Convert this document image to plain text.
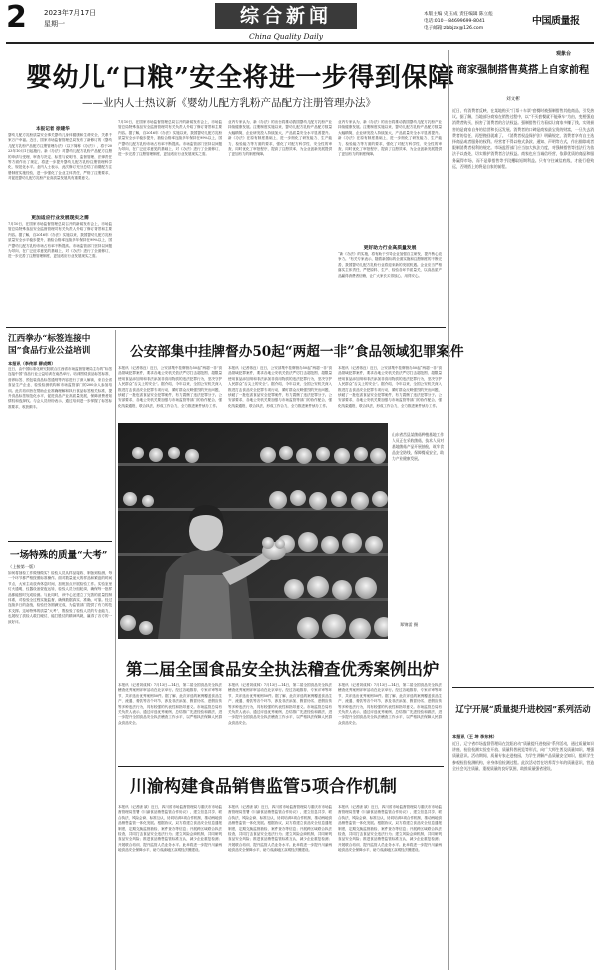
2 2023年7月17日
星期一	综合新闻
China Quality Daily
本版主编 史玉成 责任编辑 陈立彪
电话:010－84699699-8041
电子邮箱:zbbjzx@126.com
中国质量报
婴幼儿“口粮”安全将进一步得到保障
——业内人士热议新《婴幼儿配方乳粉产品配方注册管理办法》
本报记者 徐建华
婴幼儿配方乳粉质量安全事关婴幼儿身体健康和生命安全，关系千家万户幸福。近日，国家市场监督管理总局发布了新修订的《婴幼儿配方乳粉产品配方注册管理办法》（以下简称《办法》），将于2023年10月1日起施行。新《办法》对婴幼儿配方乳粉产品配方注册的申请与受理、审查与决定、标签与说明书、监督管理、法律责任等方面作出了规定，将进一步提升婴幼儿配方乳粉注册管理科学化、规范化水平。业内人士表示，此次修订充分总结了前期配方注册制度实施经验，进一步强化了企业主体责任，严格了注册要求，对促进婴幼儿配方乳粉产业高质量发展具有重要意义。
更加适应行业发展现实之需
7月10日，在国家市场监督管理总局召开的新闻发布会上，市场监管总局特殊食品安全监督管理司有关负责人介绍了修订背景和主要内容。据了解，自2016年《办法》实施以来，我国婴幼儿配方乳粉质量安全水平稳步提升，抽检合格率连续多年保持在99%以上，国产婴幼儿配方乳粉市场占有率不断提高。市场监管部门坚持以问题为导向，在广泛征求意见的基础上，对《办法》进行了全面修订，进一步完善了注册管理制度，更加适应行业发展现实之需。
7月10日，在国家市场监督管理总局召开的新闻发布会上，市场监管总局特殊食品安全监督管理司有关负责人介绍了修订背景和主要内容。据了解，自2016年《办法》实施以来，我国婴幼儿配方乳粉质量安全水平稳步提升，抽检合格率连续多年保持在99%以上，国产婴幼儿配方乳粉市场占有率不断提高。市场监管部门坚持以问题为导向，在广泛征求意见的基础上，对《办法》进行了全面修订，进一步完善了注册管理制度，更加适应行业发展现实之需。
业内专家认为，新《办法》的出台将推动我国婴幼儿配方乳粉产业持续健康发展。注册制度实施以来，婴幼儿配方乳粉产品配方数量大幅精简，企业研发投入持续加大，产品质量安全水平显著提升。新《办法》在原有制度基础上，进一步细化了研发能力、生产能力、检验能力等方面的要求，强化了对配方科学性、安全性的审查，同时优化了审批程序，提高了注册效率，为企业创新发展提供了更加有力的制度保障。
业内专家认为，新《办法》的出台将推动我国婴幼儿配方乳粉产业持续健康发展。注册制度实施以来，婴幼儿配方乳粉产品配方数量大幅精简，企业研发投入持续加大，产品质量安全水平显著提升。新《办法》在原有制度基础上，进一步细化了研发能力、生产能力、检验能力等方面的要求，强化了对配方科学性、安全性的审查，同时优化了审批程序，提高了注册效率，为企业创新发展提供了更加有力的制度保障。
更好助力行业高质量发展
“新《办法》的实施，将有助于引导企业加强自主研发，提升核心竞争力。”有关专家表示，随着新国标的全面实施和注册制度的不断完善，我国婴幼儿配方乳粉行业将迎来新的发展机遇。企业应当严格落实主体责任，严把原料、生产、检验各环节质量关，以高品质产品赢得消费者信赖，让广大家长买得放心、用得安心。
江西拳办“标签连接中国”食品行业公益培训
本报讯（李传祥 柳成辉）
近日，由中国标准化研究院联合江西省市场监督管理局主办的“标签连接中国”食品行业公益培训在南昌举行。培训围绕食品标签标准、营养标签、预包装食品标签通则等内容进行了深入解读，来自全省食品生产企业、检验检测机构和市场监管部门的200余人参加培训。此次培训旨在帮助企业准确理解和执行食品标签相关标准，提升食品标签规范化水平，促进食品产业高质量发展，保障消费者知情权和选择权。与会人员纷纷表示，通过培训进一步掌握了标签标准要求，收获颇丰。
一场特殊的质量“大考”
（上接第一版）
如何将抽检工作做细做实？检验人员从样品接收、制备到检测，每一个环节都严格按照标准操作。面对数量庞大的样品和紧迫的时间节点，大家主动放弃休息时间，加班加点开展检验工作。实验室里灯火通明，仪器设备昼夜运转，检验人员分组轮岗，确保每一批样品都能按时完成检测。与此同时，该中心还建立了完善的质量控制体系，对检验全过程实施监督，确保数据真实、准确、可靠。经过连续多日的奋战，检验任务圆满完成，为监管部门提供了有力的技术支撑。这场特殊的质量“大考”，既检验了检验人员的专业能力，也展现了质检人敢打硬仗、能打胜仗的精神风貌，赢得了各方的一致好评。
公安部集中挂牌督办50起“两超一非”食品领域犯罪案件
本报讯（记者蒋良）近日，公安部集中挂牌督办50起“两超一非”食品领域犯罪案件，要求各地公安机关依法严厉打击超范围、超限量使用食品添加剂和非法添加非食用物质的违法犯罪行为，坚决守护人民群众“舌尖上的安全”。据介绍，今年以来，全国公安机关深入推进打击食品安全犯罪专项行动，紧盯群众反映强烈的突出问题，侦破了一批危害食品安全犯罪案件，有力震慑了违法犯罪分子。公安部要求，各地公安机关要加强与市场监管等部门的协作配合，强化线索通报、联合执法，形成工作合力，全力推进案件侦办工作。
本报讯（记者蒋良）近日，公安部集中挂牌督办50起“两超一非”食品领域犯罪案件，要求各地公安机关依法严厉打击超范围、超限量使用食品添加剂和非法添加非食用物质的违法犯罪行为，坚决守护人民群众“舌尖上的安全”。据介绍，今年以来，全国公安机关深入推进打击食品安全犯罪专项行动，紧盯群众反映强烈的突出问题，侦破了一批危害食品安全犯罪案件，有力震慑了违法犯罪分子。公安部要求，各地公安机关要加强与市场监管等部门的协作配合，强化线索通报、联合执法，形成工作合力，全力推进案件侦办工作。
本报讯（记者蒋良）近日，公安部集中挂牌督办50起“两超一非”食品领域犯罪案件，要求各地公安机关依法严厉打击超范围、超限量使用食品添加剂和非法添加非食用物质的违法犯罪行为，坚决守护人民群众“舌尖上的安全”。据介绍，今年以来，全国公安机关深入推进打击食品安全犯罪专项行动，紧盯群众反映强烈的突出问题，侦破了一批危害食品安全犯罪案件，有力震慑了违法犯罪分子。公安部要求，各地公安机关要加强与市场监管等部门的协作配合，强化线索通报、联合执法，形成工作合力，全力推进案件侦办工作。
山东省莒县某菌菇种植基地工作人员正在采收菌菇，技术人员对基地菌菇产品开展抽检，筑牢食品安全防线，保障餐桌安全，助力产业健康发展。
郑锦雷 摄
第二届全国食品安全执法稽查优秀案例出炉
本报讯（记者刘成林）7月13日—14日，第二届全国食品安全执法稽查优秀案例评审活动在北京举行。经过各地推荐、专家评审等环节，共评选出优秀案例50件。据了解，此次评选的案例覆盖食品生产、流通、餐饮等各个环节，涉及非法添加、假冒伪劣、虚假宣传等多种违法行为，具有较强的代表性和指导意义。市场监管总局有关负责人表示，通过评选优秀案例，总结推广先进经验和做法，进一步提升全国食品安全执法稽查工作水平，以严格执法保障人民群众食品安全。
本报讯（记者刘成林）7月13日—14日，第二届全国食品安全执法稽查优秀案例评审活动在北京举行。经过各地推荐、专家评审等环节，共评选出优秀案例50件。据了解，此次评选的案例覆盖食品生产、流通、餐饮等各个环节，涉及非法添加、假冒伪劣、虚假宣传等多种违法行为，具有较强的代表性和指导意义。市场监管总局有关负责人表示，通过评选优秀案例，总结推广先进经验和做法，进一步提升全国食品安全执法稽查工作水平，以严格执法保障人民群众食品安全。
本报讯（记者刘成林）7月13日—14日，第二届全国食品安全执法稽查优秀案例评审活动在北京举行。经过各地推荐、专家评审等环节，共评选出优秀案例50件。据了解，此次评选的案例覆盖食品生产、流通、餐饮等各个环节，涉及非法添加、假冒伪劣、虚假宣传等多种违法行为，具有较强的代表性和指导意义。市场监管总局有关负责人表示，通过评选优秀案例，总结推广先进经验和做法，进一步提升全国食品安全执法稽查工作水平，以严格执法保障人民群众食品安全。
川渝构建食品销售监管5项合作机制
本报讯（记者唐 斌）近日，四川省市场监督管理局与重庆市市场监督管理局签署《川渝食品销售监管合作协议》，建立信息共享、联合执法、风险会商、标准互认、协同培训5项合作机制，推动两地食品销售监管一体化发展。根据协议，双方将建立食品安全信息通报制度，定期交换监督抽检、案件查办等信息；开展跨区域联合执法检查，共同打击食品安全违法行为；建立风险会商机制，共同研判食品安全风险；推进食品销售监管标准互认，减少企业重复检测；开展联合培训，提升监管人员业务水平。此举将进一步提升川渝两地食品安全保障水平，助力成渝地区双城经济圈建设。
本报讯（记者唐 斌）近日，四川省市场监督管理局与重庆市市场监督管理局签署《川渝食品销售监管合作协议》，建立信息共享、联合执法、风险会商、标准互认、协同培训5项合作机制，推动两地食品销售监管一体化发展。根据协议，双方将建立食品安全信息通报制度，定期交换监督抽检、案件查办等信息；开展跨区域联合执法检查，共同打击食品安全违法行为；建立风险会商机制，共同研判食品安全风险；推进食品销售监管标准互认，减少企业重复检测；开展联合培训，提升监管人员业务水平。此举将进一步提升川渝两地食品安全保障水平，助力成渝地区双城经济圈建设。
本报讯（记者唐 斌）近日，四川省市场监督管理局与重庆市市场监督管理局签署《川渝食品销售监管合作协议》，建立信息共享、联合执法、风险会商、标准互认、协同培训5项合作机制，推动两地食品销售监管一体化发展。根据协议，双方将建立食品安全信息通报制度，定期交换监督抽检、案件查办等信息；开展跨区域联合执法检查，共同打击食品安全违法行为；建立风险会商机制，共同研判食品安全风险；推进食品销售监管标准互认，减少企业重复检测；开展联合培训，提升监管人员业务水平。此举将进一步提升川渝两地食品安全保障水平，助力成渝地区双城经济圈建设。
观象台
商家强制搭售莫搭上自家前程
刘文彬
近日，有消费者反映，在某地购买“门票＋车票”套餐时被强制搭售其他商品，引发热议。据了解，当地部分商家在销售过程中，以“不买套餐就不能乘车”为由，变相强迫消费者购买，损害了消费者的合法权益。强制搭售行为看似让商家多赚了钱，实则损害的是商家自身的信誉和长远发展。消费者的口碑是商家最宝贵的财富，一旦失去消费者的信任，再想挽回就难了。《消费者权益保护法》明确规定，消费者享有自主选择商品或者服务的权利。经营者不得以格式条款、通知、声明等方式，作出排除或者限制消费者权利的规定。市场监管部门应当加大执法力度，对强制搭售等违法行为依法予以查处，切实维护消费者合法权益。商家也应当诚信经营，依靠优质的商品和服务赢得市场，而不是靠搭售等手段攫取短期利益。只有守住诚信底线，才能行稳致远，否则搭上的将是自家的前程。
辽宁开展“质量提升进校园”系列活动
本报讯（王 坤 李东林）
近日，辽宁省市场监督管理局在沈阳启动“质量提升进校园”系列活动，通过质量知识讲座、检验检测实验室开放、质量科普展览等形式，向广大师生普及质量知识，增强质量意识。活动期间，质量专家走进校园，为学生讲解产品质量安全知识，组织学生参观检验检测机构，亲身体验检测过程。此次活动旨在培养青少年的质量意识，营造全社会关注质量、重视质量的良好氛围，助推质量强省建设。
